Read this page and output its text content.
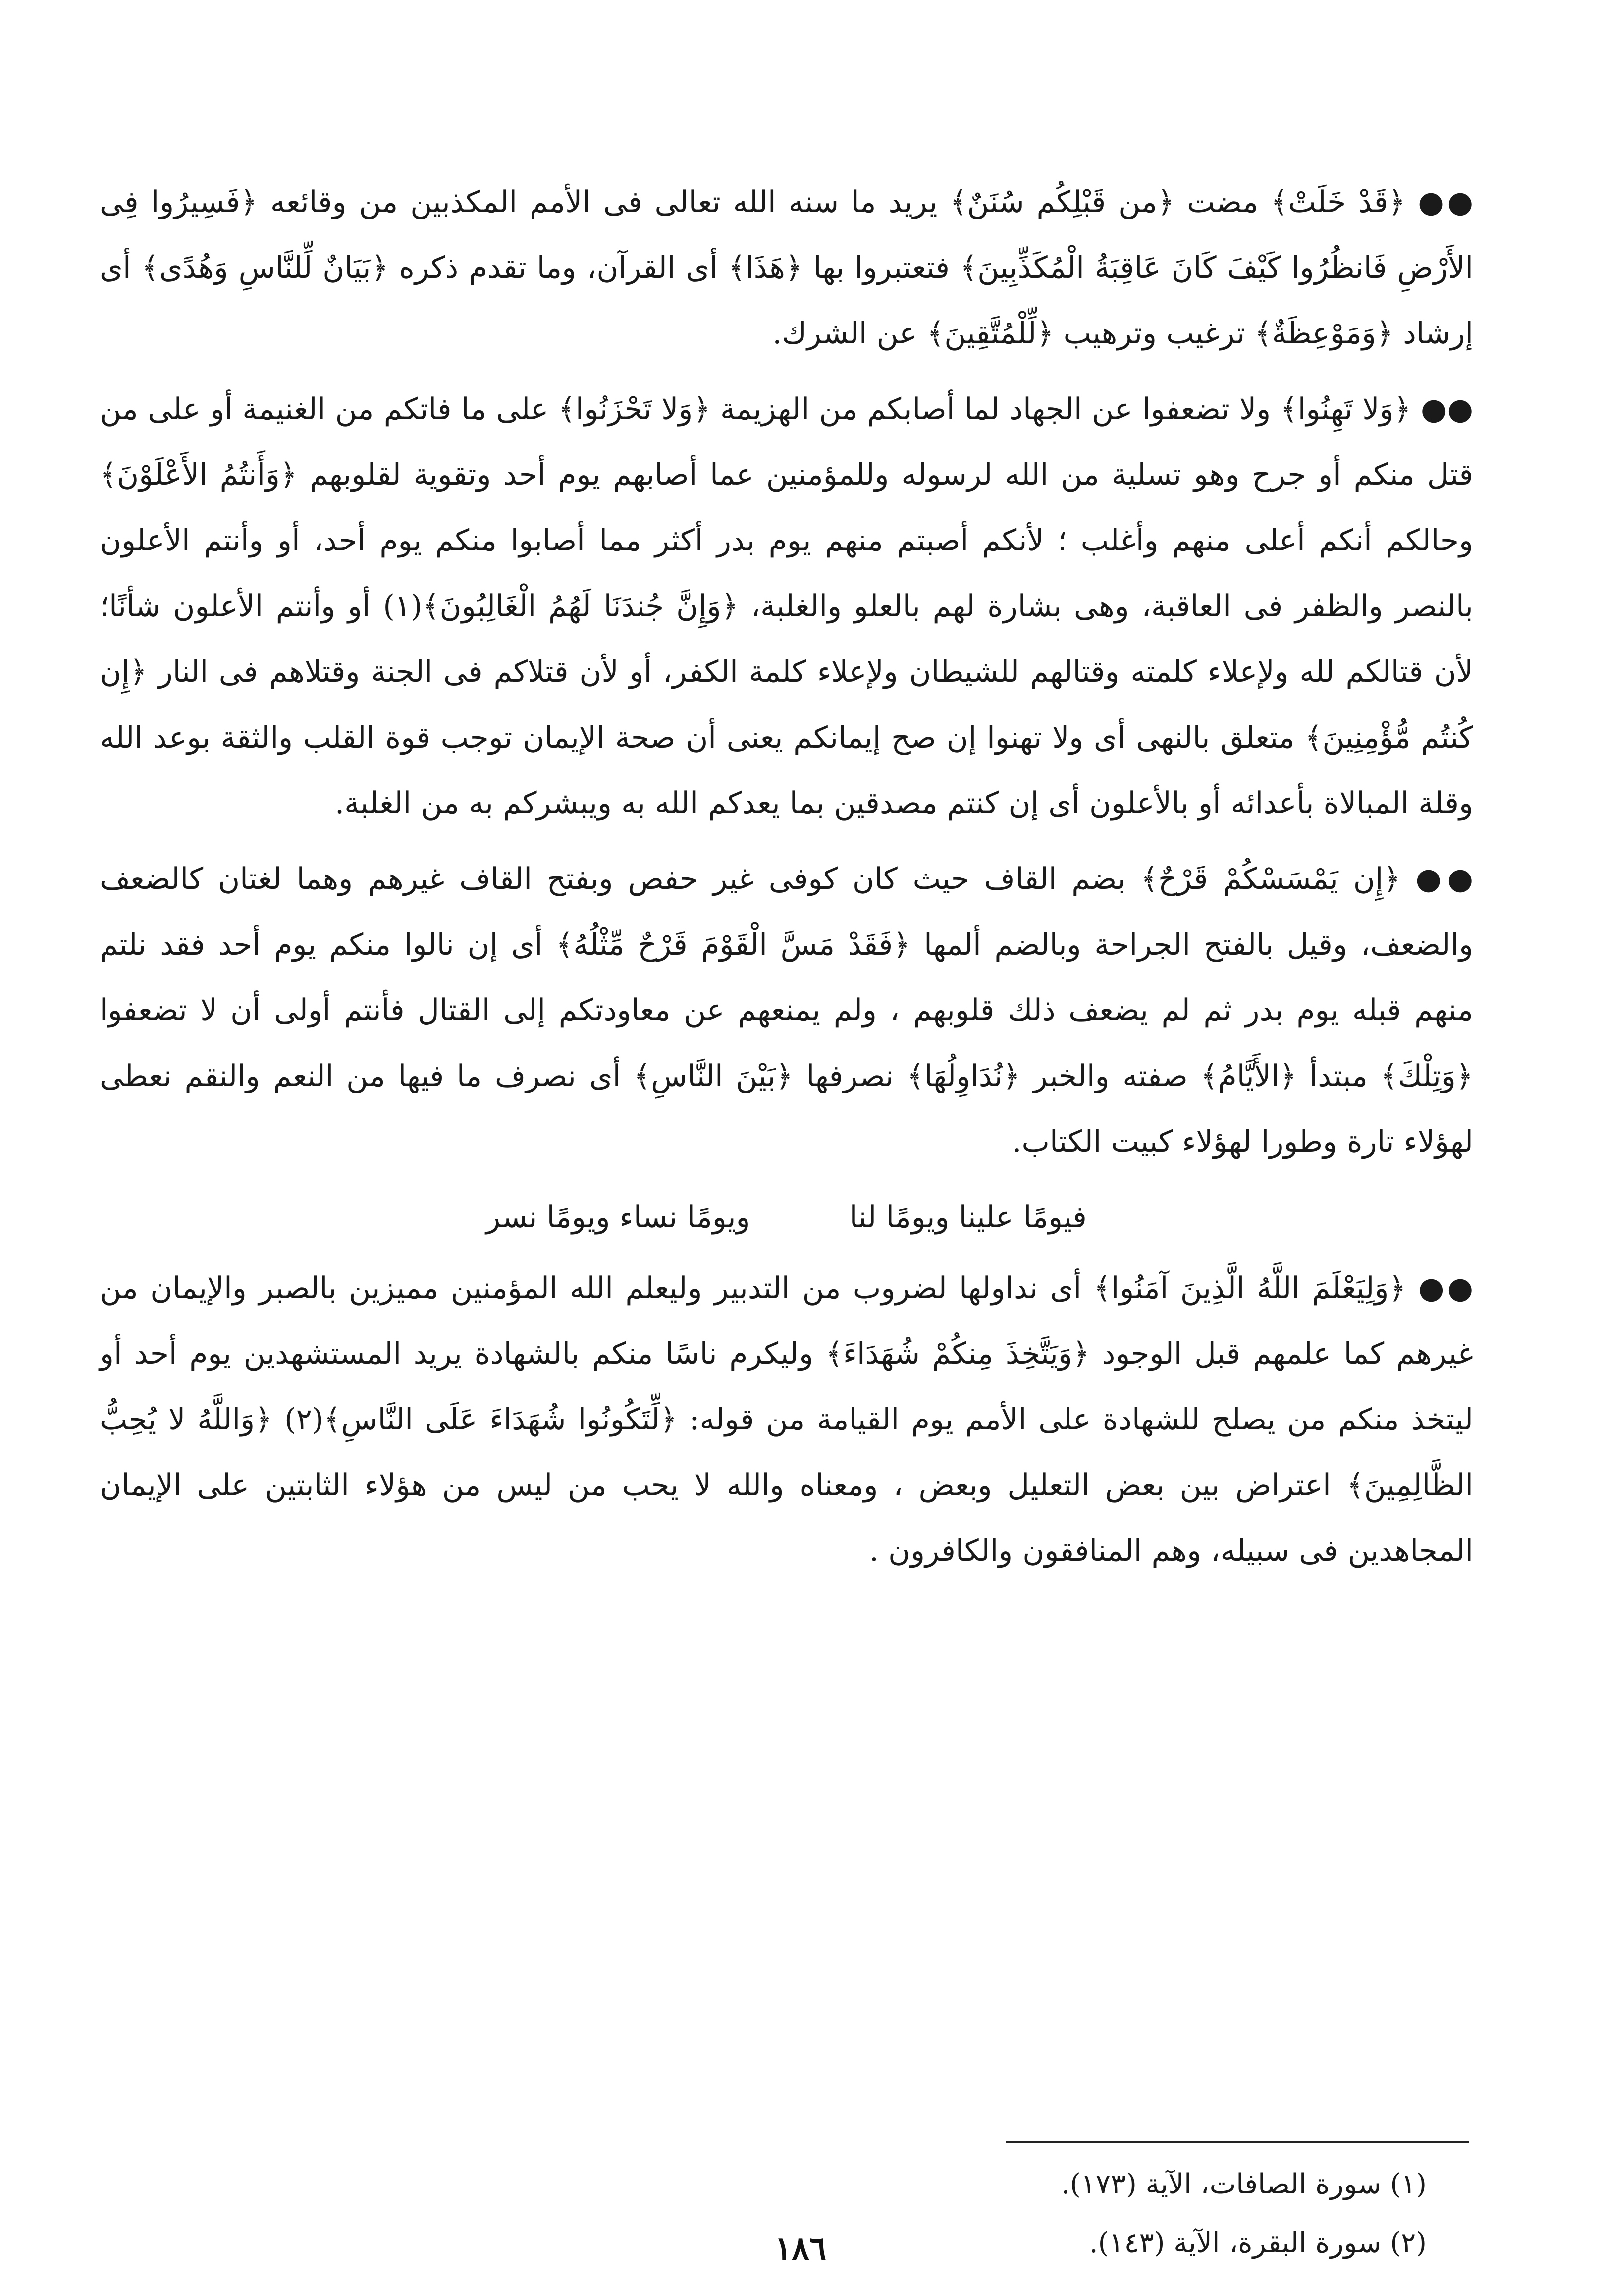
●● ﴿قَدْ خَلَتْ﴾ مضت ﴿من قَبْلِكُم سُنَنٌ﴾ يريد ما سنه الله تعالى فى الأمم المكذبين من وقائعه ﴿فَسِيرُوا فِى الأَرْضِ فَانظُرُوا كَيْفَ كَانَ عَاقِبَةُ الْمُكَذِّبِينَ﴾ فتعتبروا بها ﴿هَذَا﴾ أى القرآن، وما تقدم ذكره ﴿بَيَانٌ لِّلنَّاسِ وَهُدًى﴾ أى إرشاد ﴿وَمَوْعِظَةٌ﴾ ترغيب وترهيب ﴿لِّلْمُتَّقِينَ﴾ عن الشرك.

●● ﴿وَلا تَهِنُوا﴾ ولا تضعفوا عن الجهاد لما أصابكم من الهزيمة ﴿وَلا تَحْزَنُوا﴾ على ما فاتكم من الغنيمة أو على من قتل منكم أو جرح وهو تسلية من الله لرسوله وللمؤمنين عما أصابهم يوم أحد وتقوية لقلوبهم ﴿وَأَنتُمُ الأَعْلَوْنَ﴾ وحالكم أنكم أعلى منهم وأغلب ؛ لأنكم أصبتم منهم يوم بدر أكثر مما أصابوا منكم يوم أحد، أو وأنتم الأعلون بالنصر والظفر فى العاقبة، وهى بشارة لهم بالعلو والغلبة، ﴿وَإِنَّ جُندَنَا لَهُمُ الْغَالِبُونَ﴾(١) أو وأنتم الأعلون شأنًا؛ لأن قتالكم لله ولإعلاء كلمته وقتالهم للشيطان ولإعلاء كلمة الكفر، أو لأن قتلاكم فى الجنة وقتلاهم فى النار ﴿إِن كُنتُم مُّؤْمِنِينَ﴾ متعلق بالنهى أى ولا تهنوا إن صح إيمانكم يعنى أن صحة الإيمان توجب قوة القلب والثقة بوعد الله وقلة المبالاة بأعدائه أو بالأعلون أى إن كنتم مصدقين بما يعدكم الله به ويبشركم به من الغلبة.

●● ﴿إِن يَمْسَسْكُمْ قَرْحٌ﴾ بضم القاف حيث كان كوفى غير حفص وبفتح القاف غيرهم وهما لغتان كالضعف والضعف، وقيل بالفتح الجراحة وبالضم ألمها ﴿فَقَدْ مَسَّ الْقَوْمَ قَرْحٌ مِّثْلُهُ﴾ أى إن نالوا منكم يوم أحد فقد نلتم منهم قبله يوم بدر ثم لم يضعف ذلك قلوبهم ، ولم يمنعهم عن معاودتكم إلى القتال فأنتم أولى أن لا تضعفوا ﴿وَتِلْكَ﴾ مبتدأ ﴿الأَيَّامُ﴾ صفته والخبر ﴿نُدَاوِلُهَا﴾ نصرفها ﴿بَيْنَ النَّاسِ﴾ أى نصرف ما فيها من النعم والنقم نعطى لهؤلاء تارة وطورا لهؤلاء كبيت الكتاب.

فيومًا علينا ويومًا لنا ويومًا نساء ويومًا نسر

●● ﴿وَلِيَعْلَمَ اللَّهُ الَّذِينَ آمَنُوا﴾ أى نداولها لضروب من التدبير وليعلم الله المؤمنين مميزين بالصبر والإيمان من غيرهم كما علمهم قبل الوجود ﴿وَيَتَّخِذَ مِنكُمْ شُهَدَاءَ﴾ وليكرم ناسًا منكم بالشهادة يريد المستشهدين يوم أحد أو ليتخذ منكم من يصلح للشهادة على الأمم يوم القيامة من قوله: ﴿لِّتَكُونُوا شُهَدَاءَ عَلَى النَّاسِ﴾(٢) ﴿وَاللَّهُ لا يُحِبُّ الظَّالِمِينَ﴾ اعتراض بين بعض التعليل وبعض ، ومعناه والله لا يحب من ليس من هؤلاء الثابتين على الإيمان المجاهدين فى سبيله، وهم المنافقون والكافرون .

(١) سورة الصافات، الآية (١٧٣).
(٢) سورة البقرة، الآية (١٤٣).
١٨٦
